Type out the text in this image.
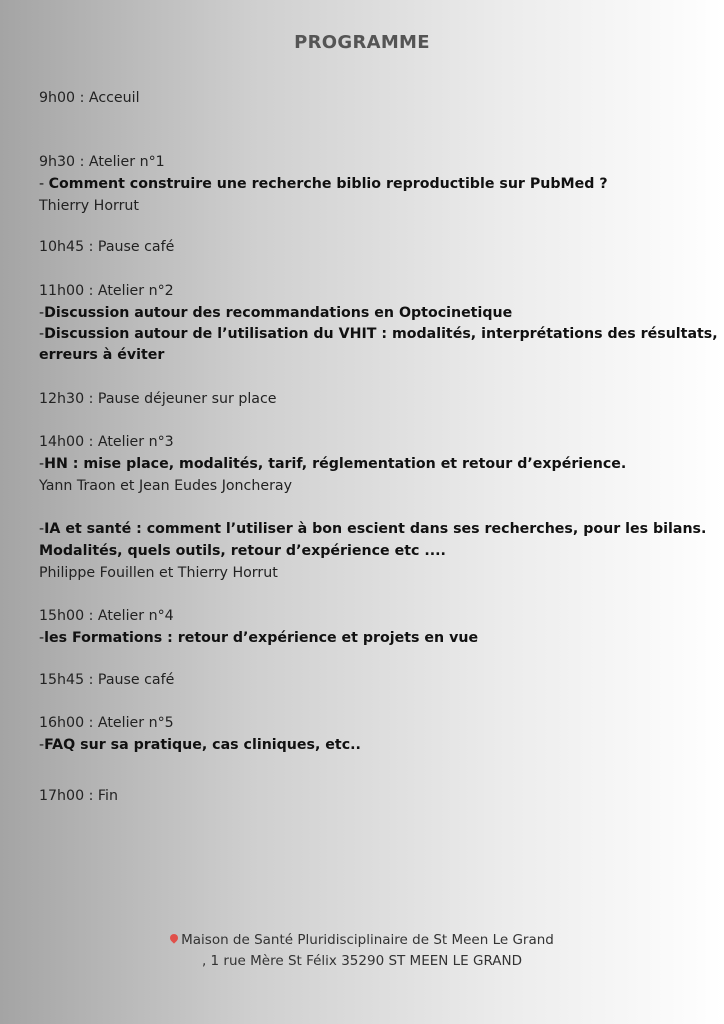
PROGRAMME
9h00 : Acceuil
9h30 : Atelier n°1
- Comment construire une recherche biblio reproductible sur PubMed ?
Thierry Horrut
10h45 : Pause café
11h00 : Atelier n°2
-Discussion autour des recommandations en Optocinetique
-Discussion autour de l’utilisation du VHIT : modalités, interprétations des résultats,
erreurs à éviter
12h30 : Pause déjeuner sur place
14h00 : Atelier n°3
-HN : mise place, modalités, tarif, réglementation et retour d’expérience.
Yann Traon et Jean Eudes Joncheray
-IA et santé : comment l’utiliser à bon escient dans ses recherches, pour les bilans.
Modalités, quels outils, retour d’expérience etc ....
Philippe Fouillen et Thierry Horrut
15h00 : Atelier n°4
-les Formations : retour d’expérience et projets en vue
15h45 : Pause café
16h00 : Atelier n°5
-FAQ sur sa pratique, cas cliniques, etc..
17h00 : Fin
Maison de Santé Pluridisciplinaire de St Meen Le Grand
, 1 rue Mère St Félix 35290 ST MEEN LE GRAND
